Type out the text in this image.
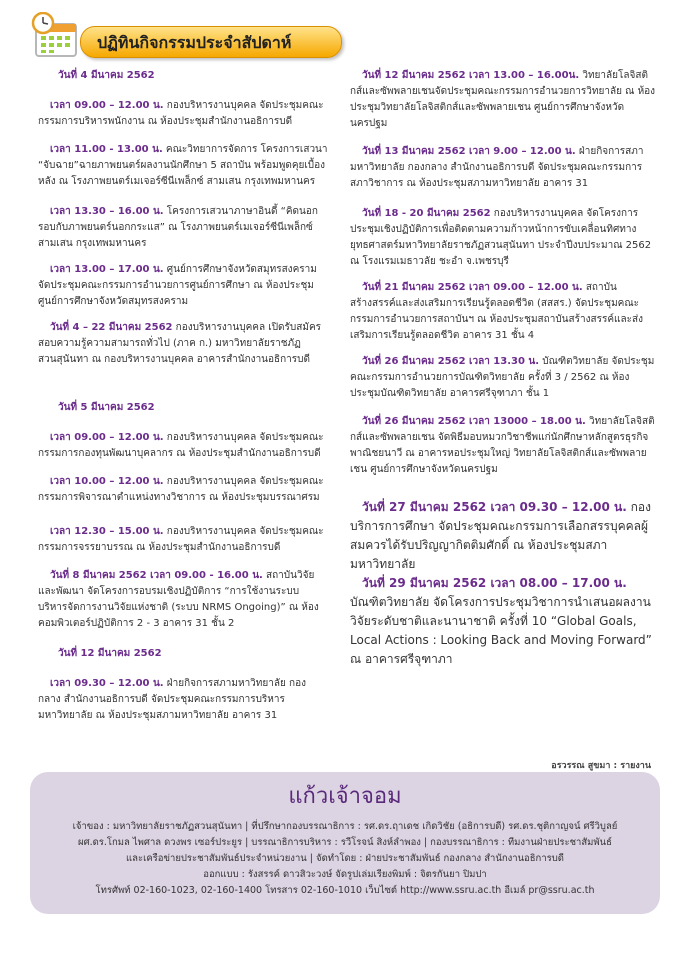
ปฏิทินกิจกรรมประจำสัปดาห์
วันที่ 4 มีนาคม 2562
เวลา 09.00 – 12.00 น. กองบริหารงานบุคคล จัดประชุมคณะกรรมการบริหารพนักงาน ณ ห้องประชุมสำนักงานอธิการบดี
เวลา 11.00 - 13.00 น. คณะวิทยาการจัดการ โครงการเสวนา “จับฉาย”ฉายภาพยนตร์ผลงานนักศึกษา 5 สถาบัน พร้อมพูดคุยเบื้องหลัง ณ โรงภาพยนตร์เมเจอร์ซีนีเพล็กซ์ สามเสน กรุงเทพมหานคร
เวลา 13.30 – 16.00 น. โครงการเสวนาภาษาอินดี้ “คิดนอกรอบกับภาพยนตร์นอกกระแส” ณ โรงภาพยนตร์เมเจอร์ซีนีเพล็กซ์ สามเสน กรุงเทพมหานคร
เวลา 13.00 – 17.00 น. ศูนย์การศึกษาจังหวัดสมุทรสงคราม จัดประชุมคณะกรรมการอำนวยการศูนย์การศึกษา ณ ห้องประชุมศูนย์การศึกษาจังหวัดสมุทรสงคราม
วันที่ 4 – 22 มีนาคม 2562 กองบริหารงานบุคคล เปิดรับสมัครสอบความรู้ความสามารถทั่วไป (ภาค ก.) มหาวิทยาลัยราชภัฏสวนสุนันทา ณ กองบริหารงานบุคคล อาคารสำนักงานอธิการบดี
วันที่ 5 มีนาคม 2562
เวลา 09.00 – 12.00 น. กองบริหารงานบุคคล จัดประชุมคณะกรรมการกองทุนพัฒนาบุคลากร ณ ห้องประชุมสำนักงานอธิการบดี
เวลา 10.00 – 12.00 น. กองบริหารงานบุคคล จัดประชุมคณะกรรมการพิจารณาตำแหน่งทางวิชาการ ณ ห้องประชุมบรรณาศรม
เวลา 12.30 – 15.00 น. กองบริหารงานบุคคล จัดประชุมคณะกรรมการจรรยาบรรณ ณ ห้องประชุมสำนักงานอธิการบดี
วันที่ 8 มีนาคม 2562 เวลา 09.00 - 16.00 น. สถาบันวิจัยและพัฒนา จัดโครงการอบรมเชิงปฏิบัติการ “การใช้งานระบบบริหารจัดการงานวิจัยแห่งชาติ (ระบบ NRMS Ongoing)” ณ ห้องคอมพิวเตอร์ปฏิบัติการ 2 - 3 อาคาร 31 ชั้น 2
วันที่ 12 มีนาคม 2562
เวลา 09.30 – 12.00 น. ฝ่ายกิจการสภามหาวิทยาลัย กองกลาง สำนักงานอธิการบดี จัดประชุมคณะกรรมการบริหารมหาวิทยาลัย ณ ห้องประชุมสภามหาวิทยาลัย อาคาร 31
วันที่ 12 มีนาคม 2562 เวลา 13.00 – 16.00น. วิทยาลัยโลจิสติกส์และซัพพลายเชนจัดประชุมคณะกรรมการอำนวยการวิทยาลัย ณ ห้องประชุมวิทยาลัยโลจิสติกส์และซัพพลายเชน ศูนย์การศึกษาจังหวัดนครปฐม
วันที่ 13 มีนาคม 2562 เวลา 9.00 – 12.00 น. ฝ่ายกิจการสภามหาวิทยาลัย กองกลาง สำนักงานอธิการบดี จัดประชุมคณะกรรมการสภาวิชาการ ณ ห้องประชุมสภามหาวิทยาลัย อาคาร 31
วันที่ 18 - 20 มีนาคม 2562 กองบริหารงานบุคคล จัดโครงการประชุมเชิงปฏิบัติการเพื่อติดตามความก้าวหน้าการขับเคลื่อนทิศทางยุทธศาสตร์มหาวิทยาลัยราชภัฏสวนสุนันทา ประจำปีงบประมาณ 2562 ณ โรงแรมเมธาวลัย ชะอำ จ.เพชรบุรี
วันที่ 21 มีนาคม 2562 เวลา 09.00 – 12.00 น. สถาบันสร้างสรรค์และส่งเสริมการเรียนรู้ตลอดชีวิต (สสสร.) จัดประชุมคณะกรรมการอำนวยการสถาบันฯ ณ ห้องประชุมสถาบันสร้างสรรค์และส่งเสริมการเรียนรู้ตลอดชีวิต อาคาร 31 ชั้น 4
วันที่ 26 มีนาคม 2562 เวลา 13.30 น. บัณฑิตวิทยาลัย จัดประชุมคณะกรรมการอำนวยการบัณฑิตวิทยาลัย ครั้งที่ 3 / 2562 ณ ห้องประชุมบัณฑิตวิทยาลัย อาคารศรีจุฑาภา ชั้น 1
วันที่ 26 มีนาคม 2562 เวลา 13000 – 18.00 น. วิทยาลัยโลจิสติกส์และซัพพลายเชน จัดพิธีมอบหมวกวิชาชีพแก่นักศึกษาหลักสูตรธุรกิจพาณิชยนาวี ณ อาคารหอประชุมใหญ่ วิทยาลัยโลจิสติกส์และซัพพลายเชน ศูนย์การศึกษาจังหวัดนครปฐม
วันที่ 27 มีนาคม 2562 เวลา 09.30 – 12.00 น. กองบริการการศึกษา จัดประชุมคณะกรรมการเลือกสรรบุคคลผู้สมควรได้รับปริญญากิตติมศักดิ์ ณ ห้องประชุมสภามหาวิทยาลัย
วันที่ 29 มีนาคม 2562 เวลา 08.00 – 17.00 น. บัณฑิตวิทยาลัย จัดโครงการประชุมวิชาการนำเสนอผลงานวิจัยระดับชาติและนานาชาติ ครั้งที่ 10 “Global Goals, Local Actions : Looking Back and Moving Forward” ณ อาคารศรีจุฑาภา
อรวรรณ สูขมา : รายงาน
แก้วเจ้าจอม
เจ้าของ : มหาวิทยาลัยราชภัฏสวนสุนันทา | ที่ปรึกษากองบรรณาธิการ : รศ.ดร.ฤาเดช เกิดวิชัย (อธิการบดี) รศ.ดร.ชุติกาญจน์ ศรีวิบูลย์
ผศ.ดร.โกมล ไพศาล ดวงพร เซอร์ประยูร | บรรณาธิการบริหาร : รวีโรจน์ สิงห์ลำพอง | กองบรรณาธิการ : ทีมงานฝ่ายประชาสัมพันธ์
และเครือข่ายประชาสัมพันธ์ประจำหน่วยงาน | จัดทำโดย : ฝ่ายประชาสัมพันธ์ กองกลาง สำนักงานอธิการบดี
ออกแบบ : รังสรรค์ ดาวสิวะวงษ์ จัดรูปเล่มเรียงพิมพ์ : จิตรกันยา ปิมปา
โทรศัพท์ 02-160-1023, 02-160-1400 โทรสาร 02-160-1010 เว็บไซต์ http://www.ssru.ac.th อีเมล์ pr@ssru.ac.th
